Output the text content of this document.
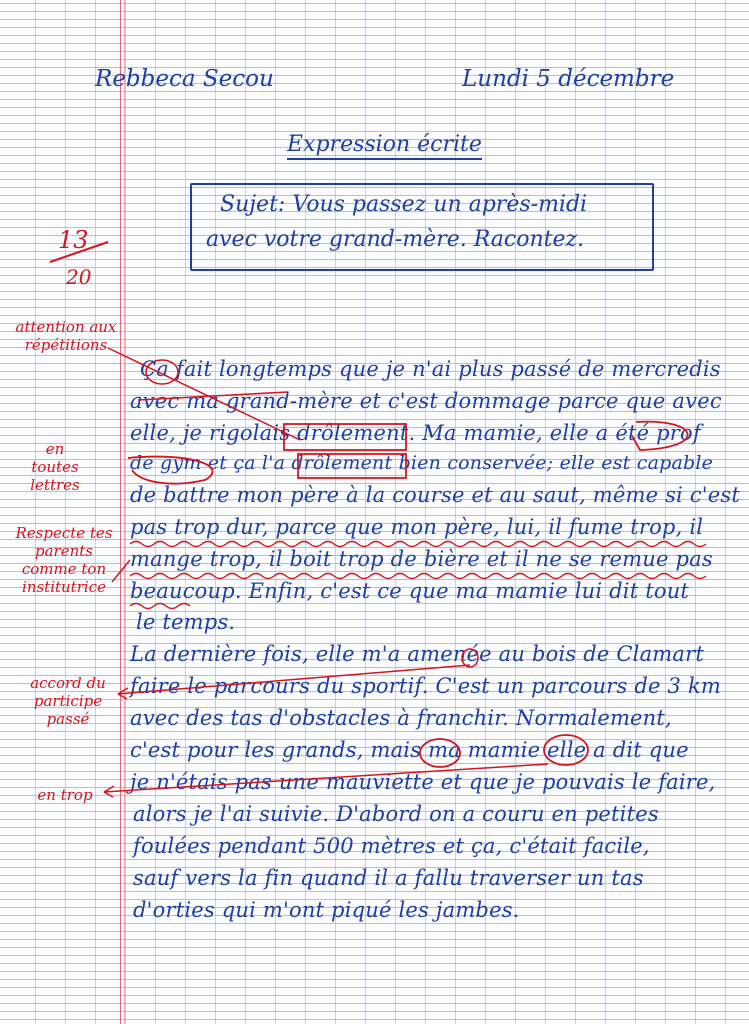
Rebbeca Secou	Lundi 5 décembre
Expression écrite
Sujet: Vous passez un après-midi
avec votre grand-mère. Racontez.
13
20
attention aux répétitions
en toutes lettres
Respecte tes parents comme ton institutrice
accord du participe passé
en trop
Ça fait longtemps que je n'ai plus passé de mercredis
avec ma grand-mère et c'est dommage parce que avec
elle, je rigolais drôlement. Ma mamie, elle a été prof
de gym et ça l'a drôlement bien conservée; elle est capable
de battre mon père à la course et au saut, même si c'est
pas trop dur, parce que mon père, lui, il fume trop, il
mange trop, il boit trop de bière et il ne se remue pas
beaucoup. Enfin, c'est ce que ma mamie lui dit tout
le temps.
La dernière fois, elle m'a amenée au bois de Clamart
faire le parcours du sportif. C'est un parcours de 3 km
avec des tas d'obstacles à franchir. Normalement,
c'est pour les grands, mais ma mamie elle a dit que
je n'étais pas une mauviette et que je pouvais le faire,
alors je l'ai suivie. D'abord on a couru en petites
foulées pendant 500 mètres et ça, c'était facile,
sauf vers la fin quand il a fallu traverser un tas
d'orties qui m'ont piqué les jambes.
